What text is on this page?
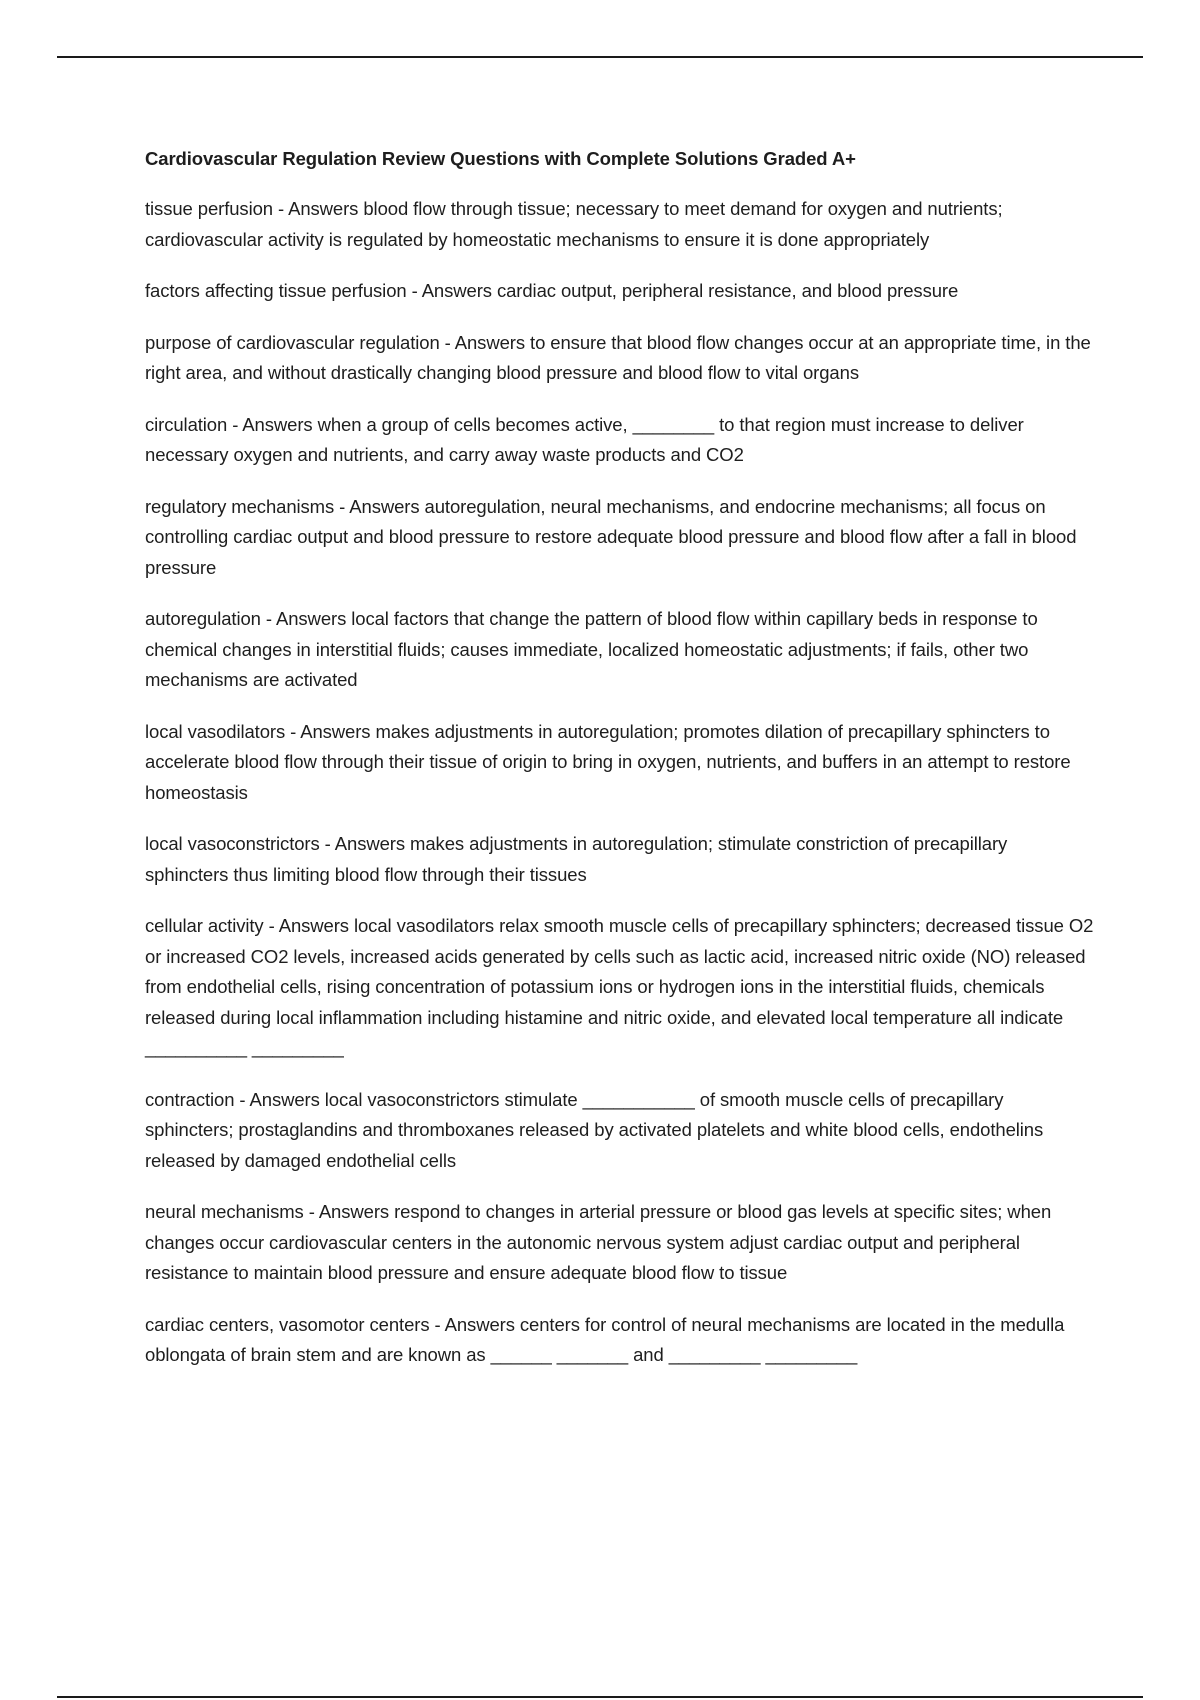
Cardiovascular Regulation Review Questions with Complete Solutions Graded A+

tissue perfusion - Answers blood flow through tissue; necessary to meet demand for oxygen and nutrients; cardiovascular activity is regulated by homeostatic mechanisms to ensure it is done appropriately

factors affecting tissue perfusion - Answers cardiac output, peripheral resistance, and blood pressure

purpose of cardiovascular regulation - Answers to ensure that blood flow changes occur at an appropriate time, in the right area, and without drastically changing blood pressure and blood flow to vital organs

circulation - Answers when a group of cells becomes active, ________ to that region must increase to deliver necessary oxygen and nutrients, and carry away waste products and CO2

regulatory mechanisms - Answers autoregulation, neural mechanisms, and endocrine mechanisms; all focus on controlling cardiac output and blood pressure to restore adequate blood pressure and blood flow after a fall in blood pressure

autoregulation - Answers local factors that change the pattern of blood flow within capillary beds in response to chemical changes in interstitial fluids; causes immediate, localized homeostatic adjustments; if fails, other two mechanisms are activated

local vasodilators - Answers makes adjustments in autoregulation; promotes dilation of precapillary sphincters to accelerate blood flow through their tissue of origin to bring in oxygen, nutrients, and buffers in an attempt to restore homeostasis

local vasoconstrictors - Answers makes adjustments in autoregulation; stimulate constriction of precapillary sphincters thus limiting blood flow through their tissues

cellular activity - Answers local vasodilators relax smooth muscle cells of precapillary sphincters; decreased tissue O2 or increased CO2 levels, increased acids generated by cells such as lactic acid, increased nitric oxide (NO) released from endothelial cells, rising concentration of potassium ions or hydrogen ions in the interstitial fluids, chemicals released during local inflammation including histamine and nitric oxide, and elevated local temperature all indicate __________ _________

contraction - Answers local vasoconstrictors stimulate ___________ of smooth muscle cells of precapillary sphincters; prostaglandins and thromboxanes released by activated platelets and white blood cells, endothelins released by damaged endothelial cells

neural mechanisms - Answers respond to changes in arterial pressure or blood gas levels at specific sites; when changes occur cardiovascular centers in the autonomic nervous system adjust cardiac output and peripheral resistance to maintain blood pressure and ensure adequate blood flow to tissue

cardiac centers, vasomotor centers - Answers centers for control of neural mechanisms are located in the medulla oblongata of brain stem and are known as ______ _______ and _________ _________
